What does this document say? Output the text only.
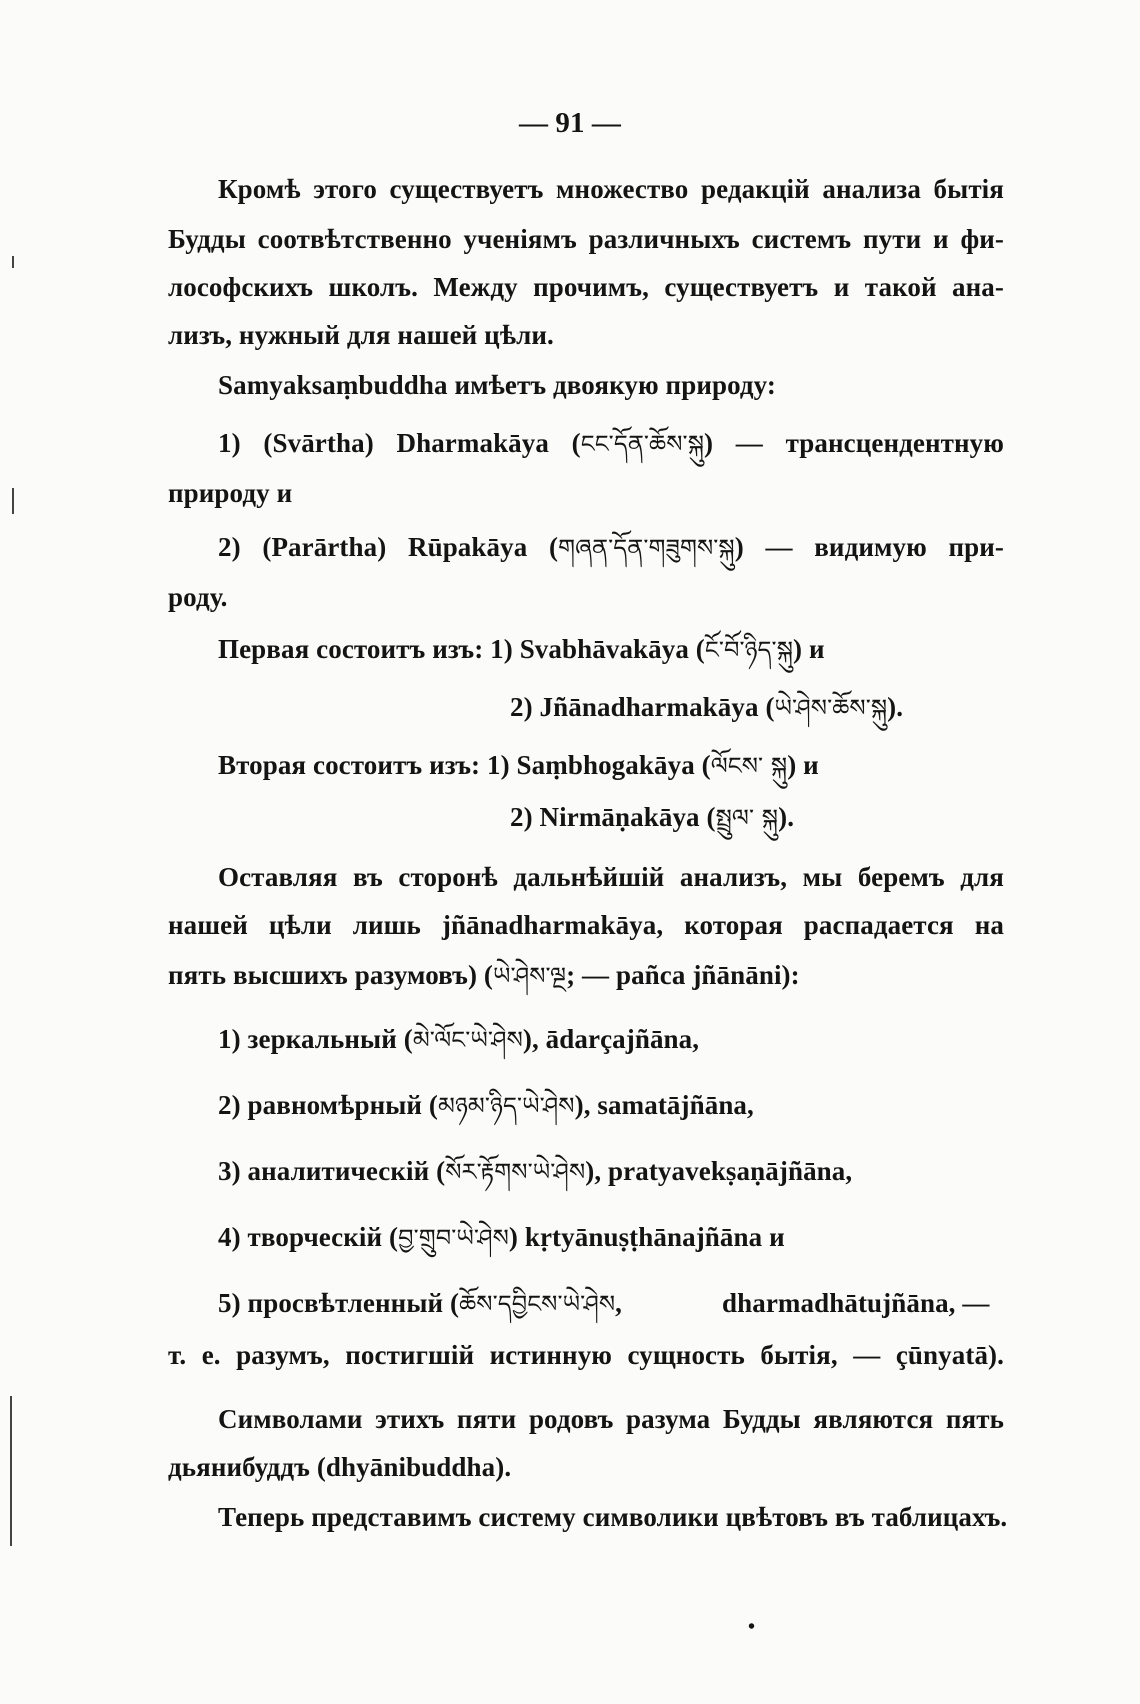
— 91 —
Кромѣ этого существуетъ множество редакцій анализа бытія
Будды соотвѣтственно ученіямъ различныхъ системъ пути и фи-
лософскихъ школъ. Между прочимъ, существуетъ и такой ана-
лизъ, нужный для нашей цѣли.
Samyaksaṃbuddha имѣетъ двоякую природу:
1) (Svārtha) Dharmakāya (ངང་དོན་ཆོས་སྐུ) — трансцендентную
природу и
2) (Parārtha) Rūpakāya (གཞན་དོན་གཟུགས་སྐུ) — видимую при-
роду.
Первая состоитъ изъ: 1) Svabhāvakāya (ངོ་བོ་ཉིད་སྐུ) и
2) Jñānadharmakāya (ཡེ་ཤེས་ཆོས་སྐུ).
Вторая состоитъ изъ: 1) Saṃbhogakāya (ལོངས་ སྐུ) и
2) Nirmāṇakāya (སྤྲུལ་ སྐུ).
Оставляя въ сторонѣ дальнѣйшій анализъ, мы беремъ для
нашей цѣли лишь jñānadharmakāya, которая распадается на
пять высшихъ разумовъ) (ཡེ་ཤེས་ལྔ; — pañca jñānāni):
1) зеркальный (མེ་ལོང་ཡེ་ཤེས), ādarçajñāna,
2) равномѣрный (མཉམ་ཉིད་ཡེ་ཤེས), samatājñāna,
3) аналитическій (སོར་རྟོགས་ཡེ་ཤེས), pratyavekṣaṇājñāna,
4) творческій (བྱ་གྲུབ་ཡེ་ཤེས) kṛtyānuṣṭhānajñāna и
5) просвѣтленный (ཆོས་དབྱིངས་ཡེ་ཤེས,	dharmadhātujñāna, —
т. е. разумъ, постигшій истинную сущность бытія, — çūnyatā).
Символами этихъ пяти родовъ разума Будды являются пять
дьянибуддъ (dhyānibuddha).
Теперь представимъ систему символики цвѣтовъ въ таблицахъ.
•
